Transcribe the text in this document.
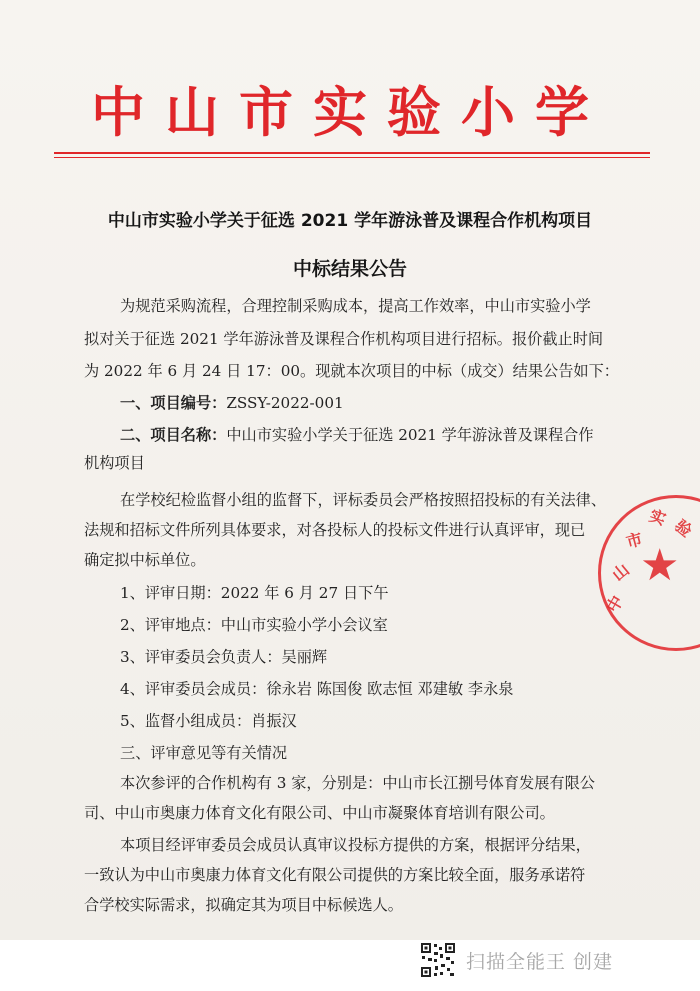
中山市实验小学
中山市实验小学关于征选 2021 学年游泳普及课程合作机构项目
中标结果公告
为规范采购流程，合理控制采购成本，提高工作效率，中山市实验小学
拟对关于征选 2021 学年游泳普及课程合作机构项目进行招标。报价截止时间
为 2022 年 6 月 24 日 17：00。现就本次项目的中标（成交）结果公告如下：
一、项目编号：ZSSY-2022-001
二、项目名称：中山市实验小学关于征选 2021 学年游泳普及课程合作
机构项目
在学校纪检监督小组的监督下，评标委员会严格按照招投标的有关法律、
法规和招标文件所列具体要求，对各投标人的投标文件进行认真评审，现已
确定拟中标单位。
1、评审日期：2022 年 6 月 27 日下午
2、评审地点：中山市实验小学小会议室
3、评审委员会负责人：吴丽辉
4、评审委员会成员：徐永岩 陈国俊 欧志恒 邓建敏 李永泉
5、监督小组成员：肖振汉
三、评审意见等有关情况
本次参评的合作机构有 3 家，分别是：中山市长江捌号体育发展有限公
司、中山市奥康力体育文化有限公司、中山市凝聚体育培训有限公司。
本项目经评审委员会成员认真审议投标方提供的方案，根据评分结果，
一致认为中山市奥康力体育文化有限公司提供的方案比较全面，服务承诺符
合学校实际需求，拟确定其为项目中标候选人。
实 验
市
山
中
★
扫描全能王 创建
